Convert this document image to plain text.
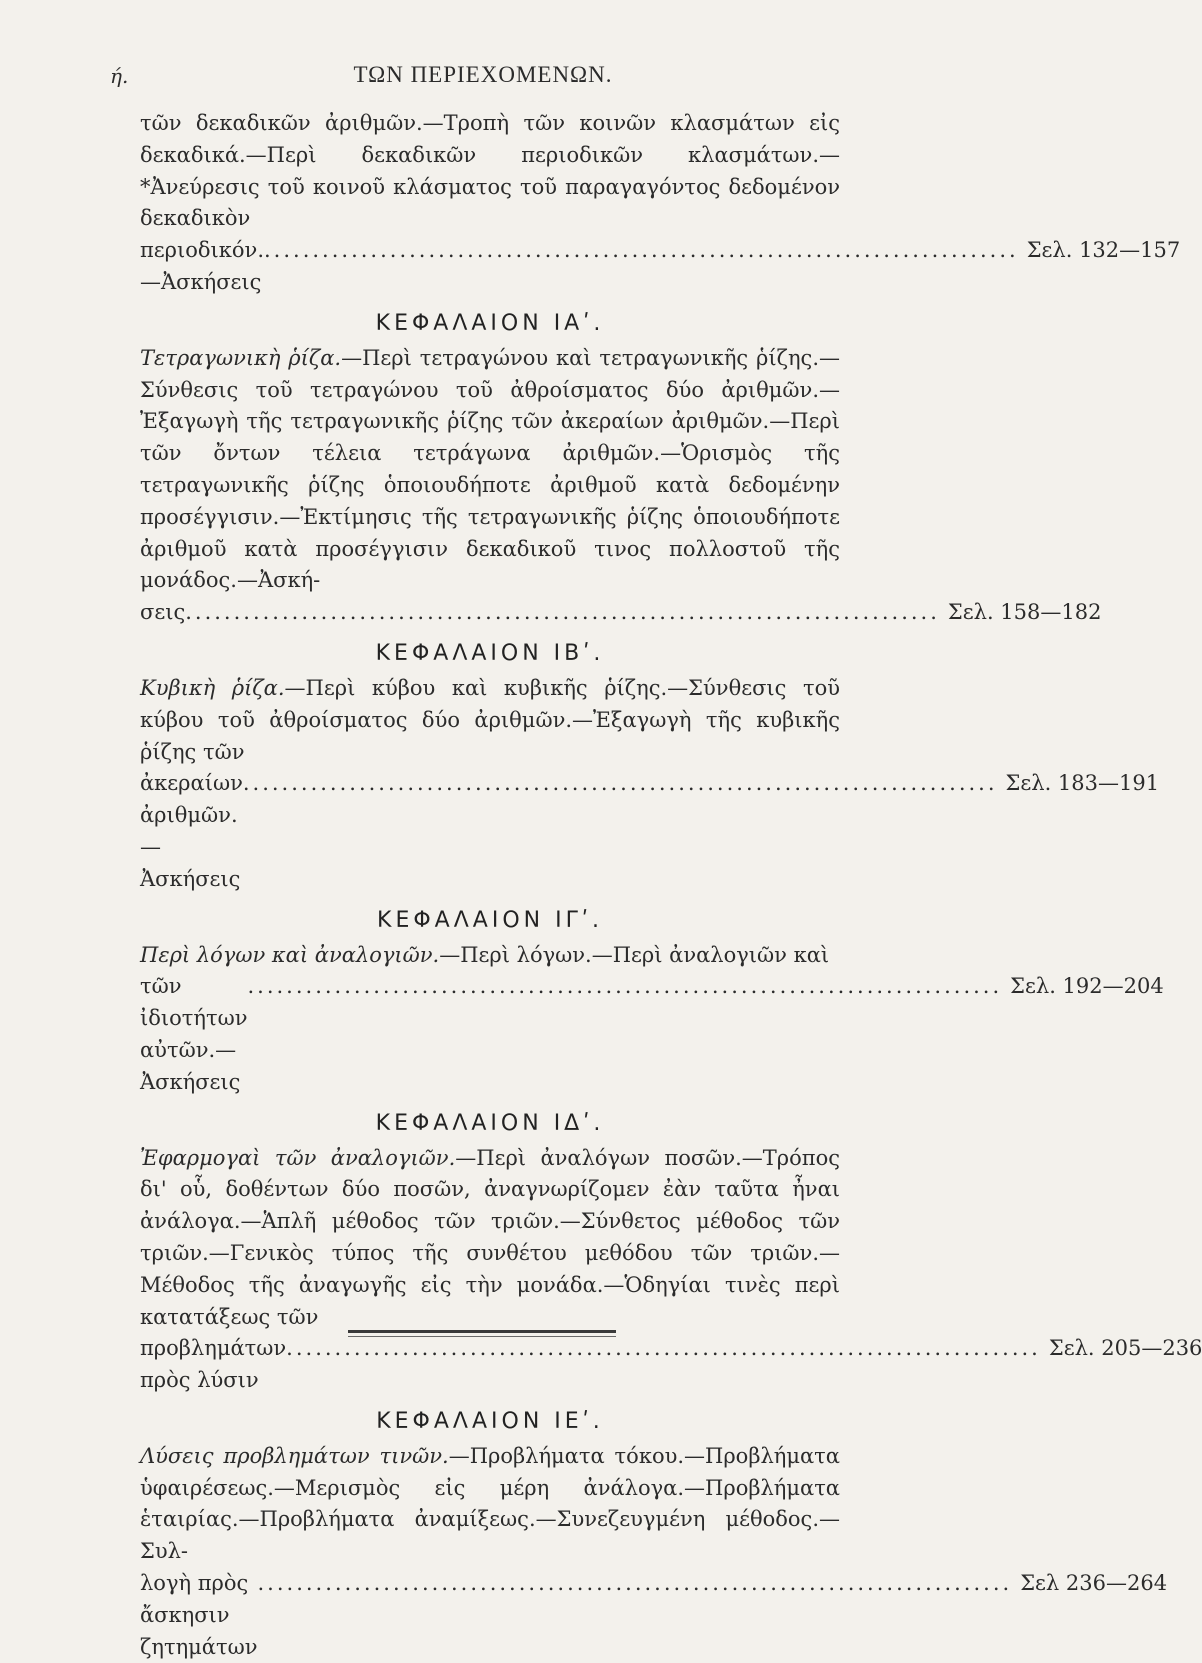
ή.	ΤΩΝ ΠΕΡΙΕΧΟΜΕΝΩΝ.

τῶν δεκαδικῶν ἀριθμῶν.—Τροπὴ τῶν κοινῶν κλασμάτων εἰς δεκαδικά.—Περὶ δεκαδικῶν περιοδικῶν κλασμάτων.—*Ἀνεύρεσις τοῦ κοινοῦ κλάσματος τοῦ παραγαγόντος δεδομένον δεκαδικὸν

περιοδικόν.—Ἀσκήσεις
.............................................................................. Σελ. 132—157
ΚΕΦΑΛΑΙΟΝ ΙΑʹ.

Τετραγωνικὴ ῥίζα.—Περὶ τετραγώνου καὶ τετραγωνικῆς ῥίζης.—Σύνθεσις τοῦ τετραγώνου τοῦ ἀθροίσματος δύο ἀριθμῶν.—Ἐξαγωγὴ τῆς τετραγωνικῆς ῥίζης τῶν ἀκεραίων ἀριθμῶν.—Περὶ τῶν ὄντων τέλεια τετράγωνα ἀριθμῶν.—Ὁρισμὸς τῆς τετραγωνικῆς ῥίζης ὁποιουδήποτε ἀριθμοῦ κατὰ δεδομένην προσέγγισιν.—Ἐκτίμησις τῆς τετραγωνικῆς ῥίζης ὁποιουδήποτε ἀριθμοῦ κατὰ προσέγγισιν δεκαδικοῦ τινος πολλοστοῦ τῆς μονάδος.—Ἀσκή-

σεις .............................................................................. Σελ. 158—182
ΚΕΦΑΛΑΙΟΝ ΙΒʹ.

Κυβικὴ ῥίζα.—Περὶ κύβου καὶ κυβικῆς ῥίζης.—Σύνθεσις τοῦ κύβου τοῦ ἀθροίσματος δύο ἀριθμῶν.—Ἐξαγωγὴ τῆς κυβικῆς ῥίζης τῶν

ἀκεραίων ἀριθμῶν.—Ἀσκήσεις
.............................................................................. Σελ. 183—191
ΚΕΦΑΛΑΙΟΝ ΙΓʹ.

Περὶ λόγων καὶ ἀναλογιῶν.—Περὶ λόγων.—Περὶ ἀναλογιῶν καὶ

τῶν ἰδιοτήτων αὐτῶν.—Ἀσκήσεις
.............................................................................. Σελ. 192—204
ΚΕΦΑΛΑΙΟΝ ΙΔʹ.

Ἐφαρμογαὶ τῶν ἀναλογιῶν.—Περὶ ἀναλόγων ποσῶν.—Τρόπος δι' οὗ, δοθέντων δύο ποσῶν, ἀναγνωρίζομεν ἐὰν ταῦτα ἦναι ἀνάλογα.—Ἁπλῆ μέθοδος τῶν τριῶν.—Σύνθετος μέθοδος τῶν τριῶν.—Γενικὸς τύπος τῆς συνθέτου μεθόδου τῶν τριῶν.—Μέθοδος τῆς ἀναγωγῆς εἰς τὴν μονάδα.—Ὁδηγίαι τινὲς περὶ κατατάξεως τῶν

προβλημάτων πρὸς λύσιν
.............................................................................. Σελ. 205—236
ΚΕΦΑΛΑΙΟΝ ΙΕʹ.

Λύσεις προβλημάτων τινῶν.—Προβλήματα τόκου.—Προβλήματα ὑφαιρέσεως.—Μερισμὸς εἰς μέρη ἀνάλογα.—Προβλήματα ἑταιρίας.—Προβλήματα ἀναμίξεως.—Συνεζευγμένη μέθοδος.—Συλ-

λογὴ πρὸς ἄσκησιν ζητημάτων
.............................................................................. Σελ 236—264
